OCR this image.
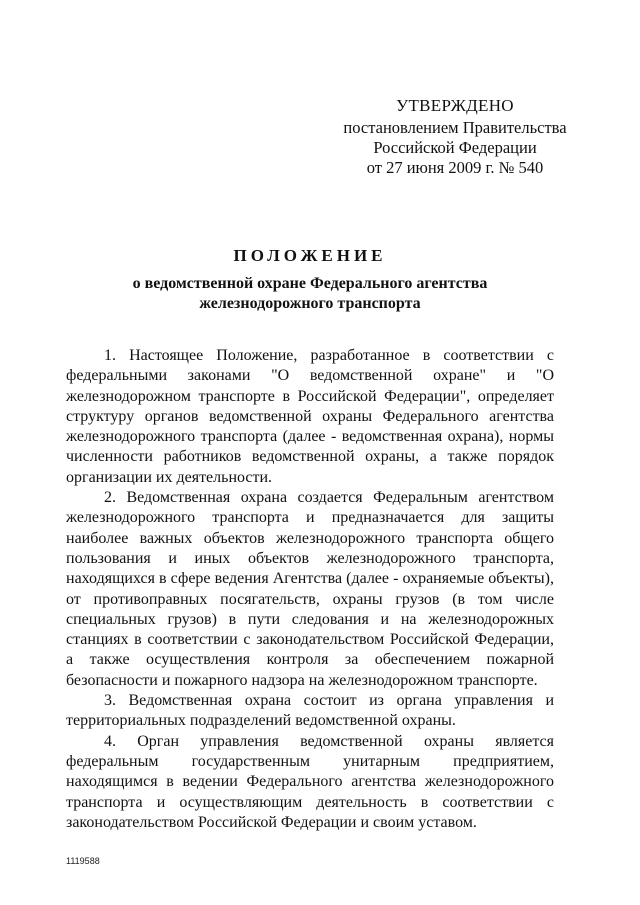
УТВЕРЖДЕНО
постановлением Правительства
Российской Федерации
от 27 июня 2009 г. № 540
ПОЛОЖЕНИЕ
о ведомственной охране Федерального агентства
железнодорожного транспорта

1. Настоящее Положение, разработанное в соответствии с федеральными законами "О ведомственной охране" и "О железнодорожном транспорте в Российской Федерации", определяет структуру органов ведомственной охраны Федерального агентства железнодорожного транспорта (далее - ведомственная охрана), нормы численности работников ведомственной охраны, а также порядок организации их деятельности.

2. Ведомственная охрана создается Федеральным агентством железнодорожного транспорта и предназначается для защиты наиболее важных объектов железнодорожного транспорта общего пользования и иных объектов железнодорожного транспорта, находящихся в сфере ведения Агентства (далее - охраняемые объекты), от противоправных посягательств, охраны грузов (в том числе специальных грузов) в пути следования и на железнодорожных станциях в соответствии с законодательством Российской Федерации, а также осуществления контроля за обеспечением пожарной безопасности и пожарного надзора на железнодорожном транспорте.

3. Ведомственная охрана состоит из органа управления и территориальных подразделений ведомственной охраны.

4. Орган управления ведомственной охраны является федеральным государственным унитарным предприятием, находящимся в ведении Федерального агентства железнодорожного транспорта и осуществляющим деятельность в соответствии с законодательством Российской Федерации и своим уставом.

1119588
